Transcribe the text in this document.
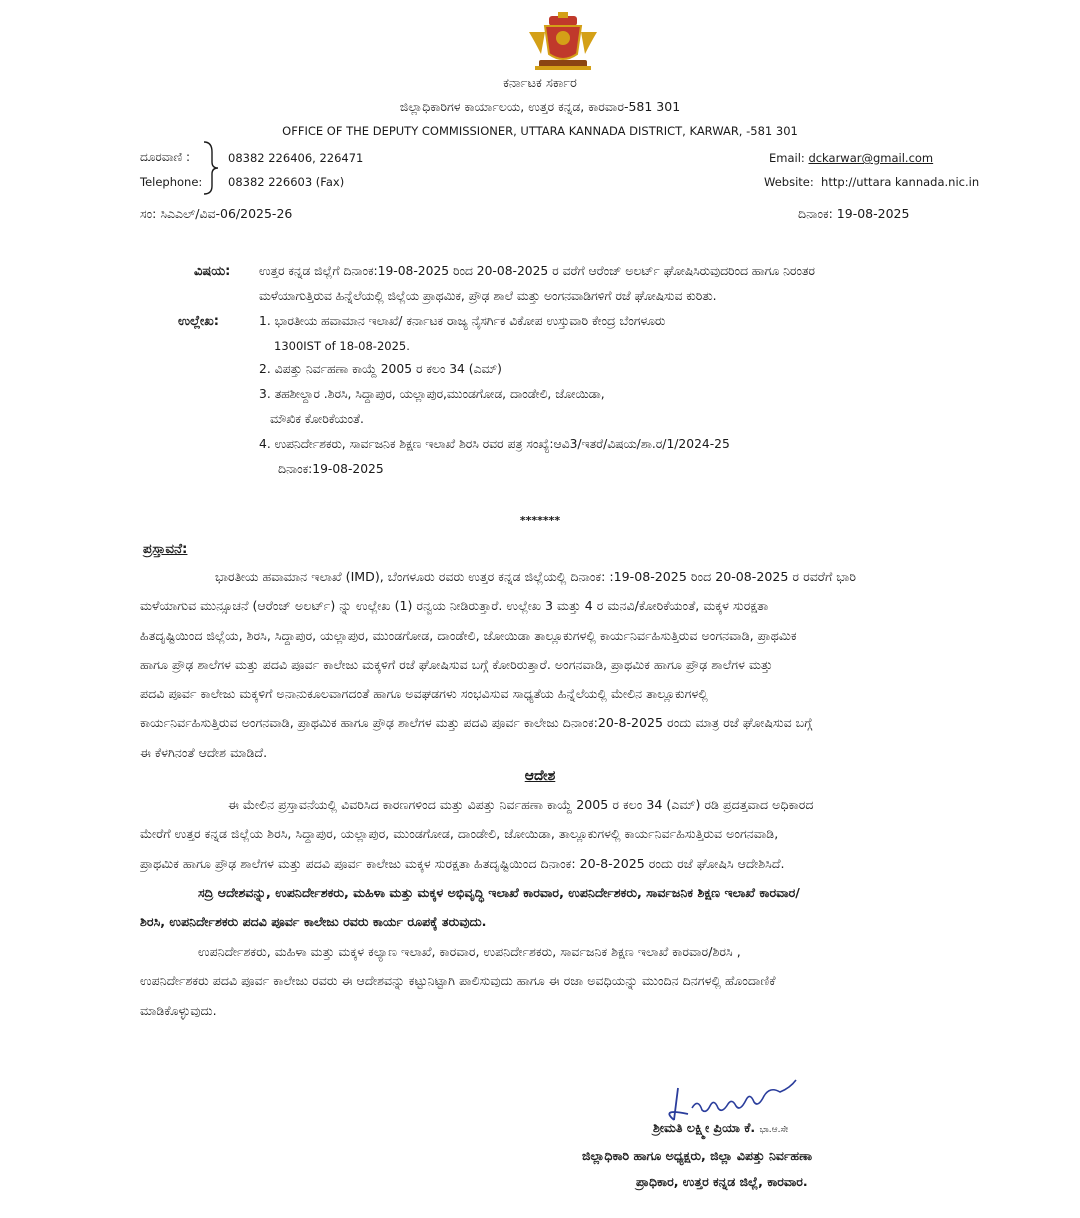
ಕರ್ನಾಟಕ ಸರ್ಕಾರ
ಜಿಲ್ಲಾಧಿಕಾರಿಗಳ ಕಾರ್ಯಾಲಯ, ಉತ್ತರ ಕನ್ನಡ, ಕಾರವಾರ-581 301
OFFICE OF THE DEPUTY COMMISSIONER, UTTARA KANNADA DISTRICT, KARWAR, -581 301
ದೂರವಾಣಿ :
Telephone:
08382 226406, 226471
08382 226603 (Fax)
Email: dckarwar@gmail.com
Website: http://uttara kannada.nic.in
ಸಂ: ಸಿಎಎಲ್/ವಿವ-06/2025-26	ದಿನಾಂಕ: 19-08-2025
ವಿಷಯ: ಉತ್ತರ ಕನ್ನಡ ಜಿಲ್ಲೆಗೆ ದಿನಾಂಕ:19-08-2025 ರಿಂದ 20-08-2025 ರ ವರೆಗೆ ಆರೆಂಜ್ ಅಲರ್ಟ್ ಘೋಷಿಸಿರುವುದರಿಂದ ಹಾಗೂ ನಿರಂತರ
ಮಳೆಯಾಗುತ್ತಿರುವ ಹಿನ್ನೆಲೆಯಲ್ಲಿ ಜಿಲ್ಲೆಯ ಪ್ರಾಥಮಿಕ, ಪ್ರೌಢ ಶಾಲೆ ಮತ್ತು ಅಂಗನವಾಡಿಗಳಿಗೆ ರಜೆ ಘೋಷಿಸುವ ಕುರಿತು.
ಉಲ್ಲೇಖ:	1. ಭಾರತೀಯ ಹವಾಮಾನ ಇಲಾಖೆ/ ಕರ್ನಾಟಕ ರಾಜ್ಯ ನೈಸರ್ಗಿಕ ವಿಕೋಪ ಉಸ್ತುವಾರಿ ಕೇಂದ್ರ ಬೆಂಗಳೂರು
1300IST of 18-08-2025.
2. ವಿಪತ್ತು ನಿರ್ವಹಣಾ ಕಾಯ್ದೆ 2005 ರ ಕಲಂ 34 (ಎಮ್)
3. ತಹಶೀಲ್ದಾರ .ಶಿರಸಿ, ಸಿದ್ದಾಪುರ, ಯಲ್ಲಾಪುರ,ಮುಂಡಗೋಡ, ದಾಂಡೇಲಿ, ಜೋಯಿಡಾ,
ಮೌಖಿಕ ಕೋರಿಕೆಯಂತೆ.
4. ಉಪನಿರ್ದೇಶಕರು, ಸಾರ್ವಜನಿಕ ಶಿಕ್ಷಣ ಇಲಾಖೆ ಶಿರಸಿ ರವರ ಪತ್ರ ಸಂಖ್ಯೆ:ಆವಿ3/ಇತರೆ/ವಿಷಯ/ಶಾ.ರ/1/2024-25
ದಿನಾಂಕ:19-08-2025
*******
ಪ್ರಸ್ತಾವನೆ:
ಭಾರತೀಯ ಹವಾಮಾನ ಇಲಾಖೆ (IMD), ಬೆಂಗಳೂರು ರವರು ಉತ್ತರ ಕನ್ನಡ ಜಿಲ್ಲೆಯಲ್ಲಿ ದಿನಾಂಕ: :19-08-2025 ರಿಂದ 20-08-2025 ರ ರವರೆಗೆ ಭಾರಿ
ಮಳೆಯಾಗುವ ಮುನ್ಸೂಚನೆ (ಆರೆಂಜ್ ಅಲರ್ಟ್) ನ್ನು ಉಲ್ಲೇಖ (1) ರನ್ವಯ ನೀಡಿರುತ್ತಾರೆ. ಉಲ್ಲೇಖ 3 ಮತ್ತು 4 ರ ಮನವಿ/ಕೋರಿಕೆಯಂತೆ, ಮಕ್ಕಳ ಸುರಕ್ಷತಾ
ಹಿತದೃಷ್ಟಿಯಿಂದ ಜಿಲ್ಲೆಯ, ಶಿರಸಿ, ಸಿದ್ದಾಪುರ, ಯಲ್ಲಾಪುರ, ಮುಂಡಗೋಡ, ದಾಂಡೇಲಿ, ಜೋಯಿಡಾ ತಾಲ್ಲೂಕುಗಳಲ್ಲಿ ಕಾರ್ಯನಿರ್ವಹಿಸುತ್ತಿರುವ ಅಂಗನವಾಡಿ, ಪ್ರಾಥಮಿಕ
ಹಾಗೂ ಪ್ರೌಢ ಶಾಲೆಗಳ ಮತ್ತು ಪದವಿ ಪೂರ್ವ ಕಾಲೇಜು ಮಕ್ಕಳಿಗೆ ರಜೆ ಘೋಷಿಸುವ ಬಗ್ಗೆ ಕೋರಿರುತ್ತಾರೆ. ಅಂಗನವಾಡಿ, ಪ್ರಾಥಮಿಕ ಹಾಗೂ ಪ್ರೌಢ ಶಾಲೆಗಳ ಮತ್ತು
ಪದವಿ ಪೂರ್ವ ಕಾಲೇಜು ಮಕ್ಕಳಿಗೆ ಅನಾನುಕೂಲವಾಗದಂತೆ ಹಾಗೂ ಅವಘಡಗಳು ಸಂಭವಿಸುವ ಸಾಧ್ಯತೆಯ ಹಿನ್ನೆಲೆಯಲ್ಲಿ ಮೇಲಿನ ತಾಲ್ಲೂಕುಗಳಲ್ಲಿ
ಕಾರ್ಯನಿರ್ವಹಿಸುತ್ತಿರುವ ಅಂಗನವಾಡಿ, ಪ್ರಾಥಮಿಕ ಹಾಗೂ ಪ್ರೌಢ ಶಾಲೆಗಳ ಮತ್ತು ಪದವಿ ಪೂರ್ವ ಕಾಲೇಜು ದಿನಾಂಕ:20-8-2025 ರಂದು ಮಾತ್ರ ರಜೆ ಘೋಷಿಸುವ ಬಗ್ಗೆ
ಈ ಕೆಳಗಿನಂತೆ ಆದೇಶ ಮಾಡಿದೆ.
ಆದೇಶ
ಈ ಮೇಲಿನ ಪ್ರಸ್ತಾವನೆಯಲ್ಲಿ ವಿವರಿಸಿದ ಕಾರಣಗಳಿಂದ ಮತ್ತು ವಿಪತ್ತು ನಿರ್ವಹಣಾ ಕಾಯ್ದೆ 2005 ರ ಕಲಂ 34 (ಎಮ್) ರಡಿ ಪ್ರದತ್ತವಾದ ಅಧಿಕಾರದ
ಮೇರೆಗೆ ಉತ್ತರ ಕನ್ನಡ ಜಿಲ್ಲೆಯ ಶಿರಸಿ, ಸಿದ್ದಾಪುರ, ಯಲ್ಲಾಪುರ, ಮುಂಡಗೋಡ, ದಾಂಡೇಲಿ, ಜೋಯಿಡಾ, ತಾಲ್ಲೂಕುಗಳಲ್ಲಿ ಕಾರ್ಯನಿರ್ವಹಿಸುತ್ತಿರುವ ಅಂಗನವಾಡಿ,
ಪ್ರಾಥಮಿಕ ಹಾಗೂ ಪ್ರೌಢ ಶಾಲೆಗಳ ಮತ್ತು ಪದವಿ ಪೂರ್ವ ಕಾಲೇಜು ಮಕ್ಕಳ ಸುರಕ್ಷತಾ ಹಿತದೃಷ್ಟಿಯಿಂದ ದಿನಾಂಕ: 20-8-2025 ರಂದು ರಜೆ ಘೋಷಿಸಿ ಆದೇಶಿಸಿದೆ.
ಸದ್ರಿ ಆದೇಶವನ್ನು, ಉಪನಿರ್ದೇಶಕರು, ಮಹಿಳಾ ಮತ್ತು ಮಕ್ಕಳ ಅಭಿವೃದ್ಧಿ ಇಲಾಖೆ ಕಾರವಾರ, ಉಪನಿರ್ದೇಶಕರು, ಸಾರ್ವಜನಿಕ ಶಿಕ್ಷಣ ಇಲಾಖೆ ಕಾರವಾರ/
ಶಿರಸಿ, ಉಪನಿರ್ದೇಶಕರು ಪದವಿ ಪೂರ್ವ ಕಾಲೇಜು ರವರು ಕಾರ್ಯ ರೂಪಕ್ಕೆ ತರುವುದು.
ಉಪನಿರ್ದೇಶಕರು, ಮಹಿಳಾ ಮತ್ತು ಮಕ್ಕಳ ಕಲ್ಯಾಣ ಇಲಾಖೆ, ಕಾರವಾರ, ಉಪನಿರ್ದೇಶಕರು, ಸಾರ್ವಜನಿಕ ಶಿಕ್ಷಣ ಇಲಾಖೆ ಕಾರವಾರ/ಶಿರಸಿ ,
ಉಪನಿರ್ದೇಶಕರು ಪದವಿ ಪೂರ್ವ ಕಾಲೇಜು ರವರು ಈ ಆದೇಶವನ್ನು ಕಟ್ಟುನಿಟ್ಟಾಗಿ ಪಾಲಿಸುವುದು ಹಾಗೂ ಈ ರಜಾ ಅವಧಿಯನ್ನು ಮುಂದಿನ ದಿನಗಳಲ್ಲಿ ಹೊಂದಾಣಿಕೆ
ಮಾಡಿಕೊಳ್ಳುವುದು.
ಶ್ರೀಮತಿ ಲಕ್ಷ್ಮೀ ಪ್ರಿಯಾ ಕೆ. ಭಾ.ಆ.ಸೇ
ಜಿಲ್ಲಾಧಿಕಾರಿ ಹಾಗೂ ಅಧ್ಯಕ್ಷರು, ಜಿಲ್ಲಾ ವಿಪತ್ತು ನಿರ್ವಹಣಾ
ಪ್ರಾಧಿಕಾರ, ಉತ್ತರ ಕನ್ನಡ ಜಿಲ್ಲೆ, ಕಾರವಾರ.
